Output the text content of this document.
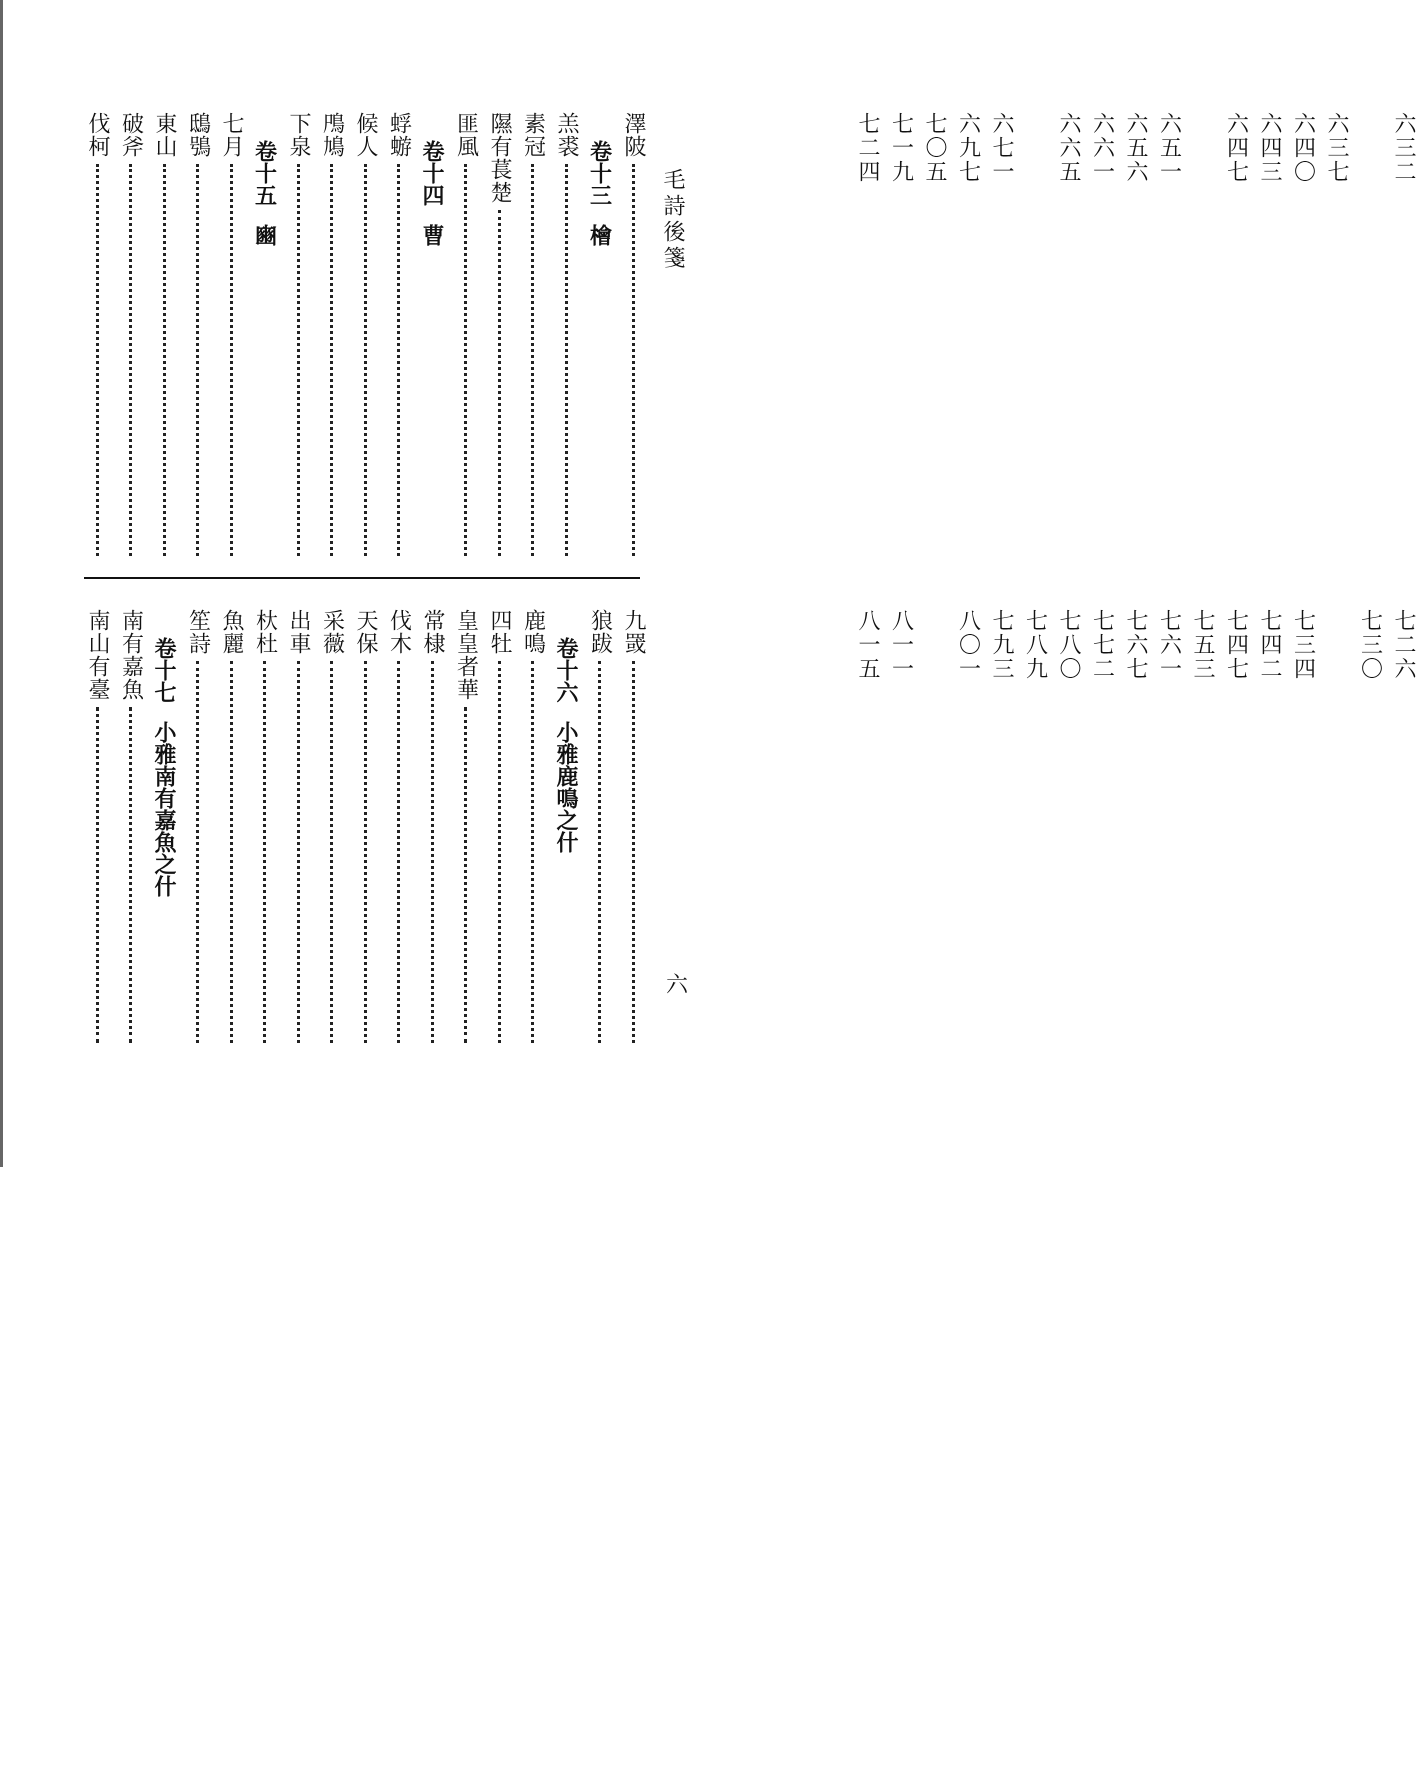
毛詩後箋
六
澤陂	六三二
卷十三檜
羔裘	六三七
素冠	六四〇
隰有萇楚	六四三
匪風	六四七
卷十四曹
蜉蝣	六五一
候人	六五六
鳲鳩	六六一
下泉	六六五
卷十五豳
七月	六七一
鴟鴞	六九七
東山	七〇五
破斧	七一九
伐柯	七二四
九罭	七二六
狼跋	七三〇
卷十六小雅鹿鳴之什
鹿鳴	七三四
四牡	七四二
皇皇者華	七四七
常棣	七五三
伐木	七六一
天保	七六七
采薇	七七二
出車	七八〇
杕杜	七八九
魚麗	七九三
笙詩	八〇一
卷十七小雅南有嘉魚之什
南有嘉魚	八一一
南山有臺	八一五
